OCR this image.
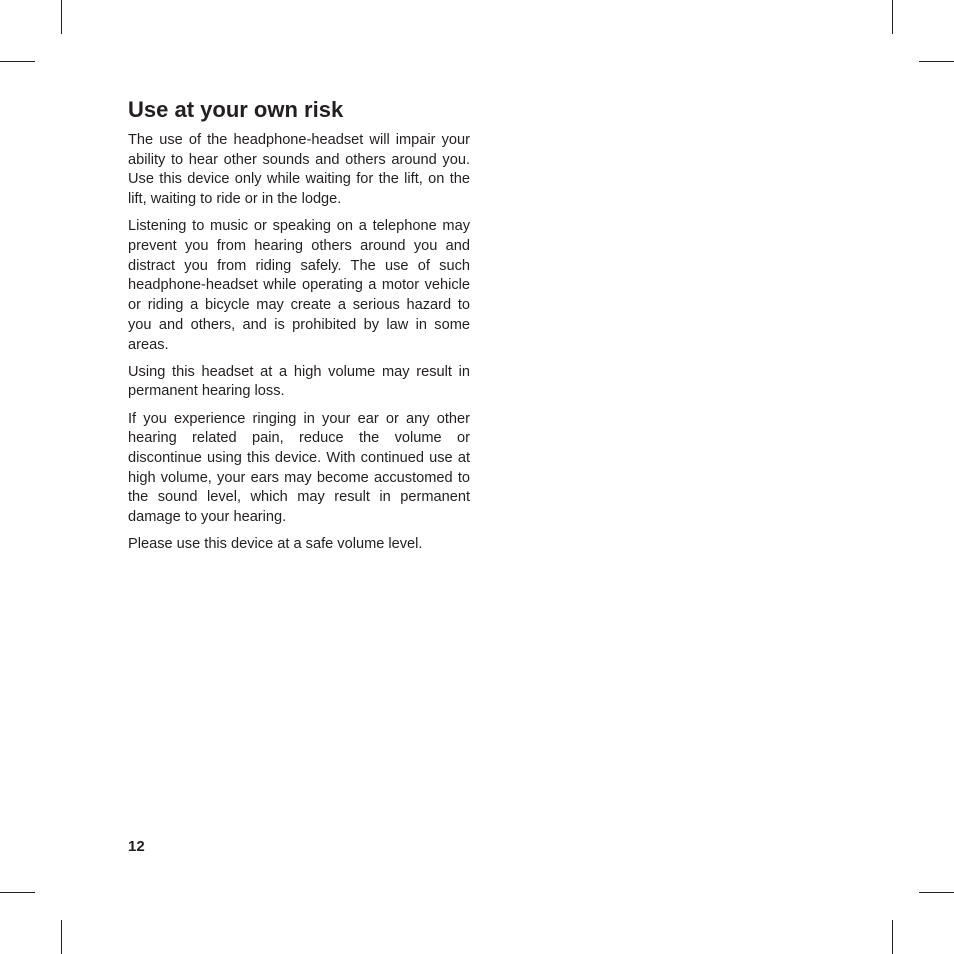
Use at your own risk

The use of the headphone-headset will impair your ability to hear other sounds and others around you. Use this device only while waiting for the lift, on the lift, waiting to ride or in the lodge.

Listening to music or speaking on a telephone may prevent you from hearing others around you and distract you from riding safely. The use of such headphone-headset while operating a motor vehicle or riding a bicycle may create a serious hazard to you and others, and is prohibited by law in some areas.

Using this headset at a high volume may result in permanent hearing loss.

If you experience ringing in your ear or any other hearing related pain, reduce the volume or discontinue using this device. With continued use at high volume, your ears may become accustomed to the sound level, which may result in permanent damage to your hearing.

Please use this device at a safe volume level.

12
